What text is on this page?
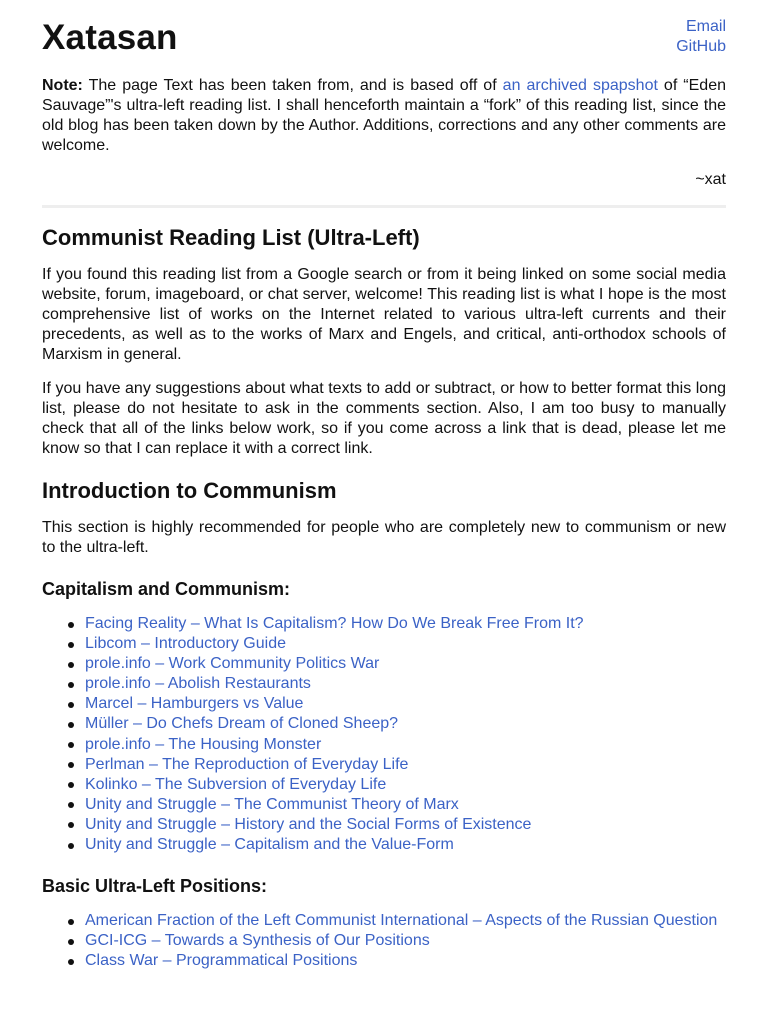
Xatasan	Email
GitHub

Note: The page Text has been taken from, and is based off of an archived spapshot of “Eden Sauvage”'s ultra-left reading list. I shall henceforth maintain a “fork” of this reading list, since the old blog has been taken down by the Author. Additions, corrections and any other comments are welcome.

~xat

Communist Reading List (Ultra-Left)

If you found this reading list from a Google search or from it being linked on some social media website, forum, imageboard, or chat server, welcome! This reading list is what I hope is the most comprehensive list of works on the Internet related to various ultra-left currents and their precedents, as well as to the works of Marx and Engels, and critical, anti-orthodox schools of Marxism in general.

If you have any suggestions about what texts to add or subtract, or how to better format this long list, please do not hesitate to ask in the comments section. Also, I am too busy to manually check that all of the links below work, so if you come across a link that is dead, please let me know so that I can replace it with a correct link.

Introduction to Communism

This section is highly recommended for people who are completely new to communism or new to the ultra-left.

Capitalism and Communism:
Facing Reality – What Is Capitalism? How Do We Break Free From It?
Libcom – Introductory Guide
prole.info – Work Community Politics War
prole.info – Abolish Restaurants
Marcel – Hamburgers vs Value
Müller – Do Chefs Dream of Cloned Sheep?
prole.info – The Housing Monster
Perlman – The Reproduction of Everyday Life
Kolinko – The Subversion of Everyday Life
Unity and Struggle – The Communist Theory of Marx
Unity and Struggle – History and the Social Forms of Existence
Unity and Struggle – Capitalism and the Value-Form
Basic Ultra-Left Positions:
American Fraction of the Left Communist International – Aspects of the Russian Question
GCI-ICG – Towards a Synthesis of Our Positions
Class War – Programmatical Positions
